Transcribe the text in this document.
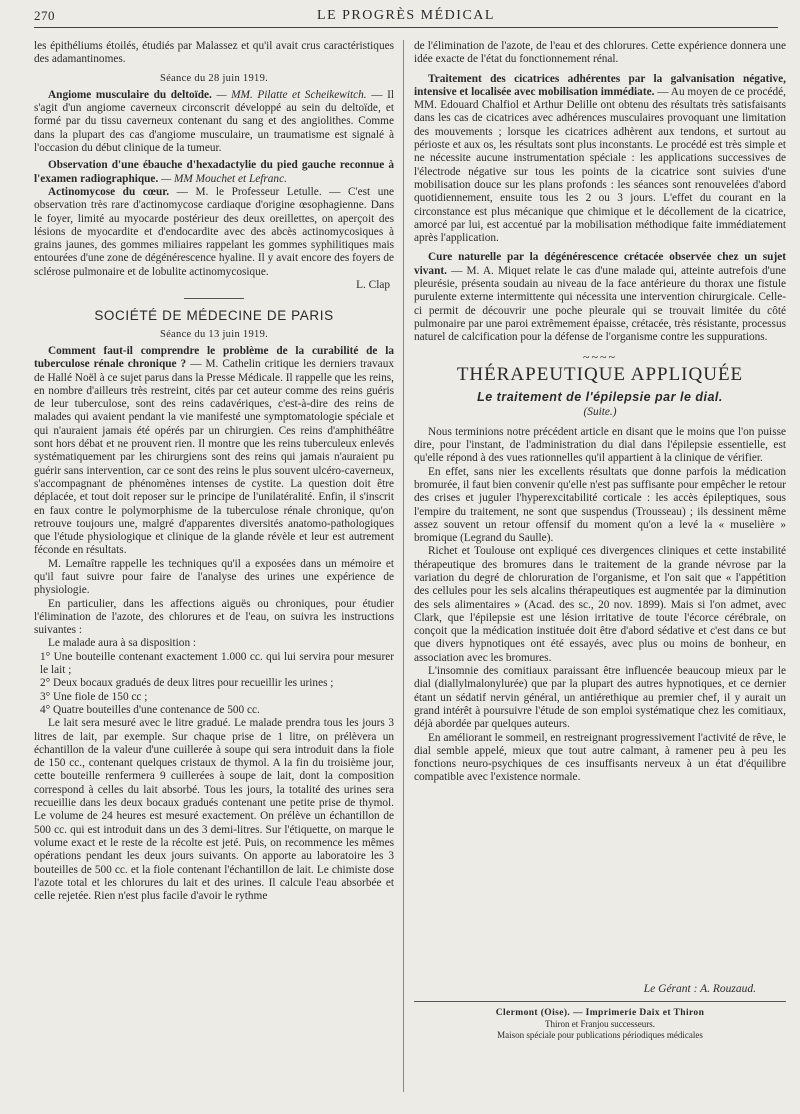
270	LE PROGRÈS MÉDICAL

les épithéliums étoilés, étudiés par Malassez et qu'il avait crus caractéristiques des adamantinomes.

Séance du 28 juin 1919.

Angiome musculaire du deltoïde. — MM. Pilatte et Scheikewitch. — Il s'agit d'un angiome caverneux circonscrit développé au sein du deltoïde, et formé par du tissu caverneux contenant du sang et des angiolithes. Comme dans la plupart des cas d'angiome musculaire, un traumatisme est signalé à l'occasion du début clinique de la tumeur.

Observation d'une ébauche d'hexadactylie du pied gauche reconnue à l'examen radiographique. — MM Mouchet et Lefranc.

Actinomycose du cœur. — M. le Professeur Letulle. — C'est une observation très rare d'actinomycose cardiaque d'origine œsophagienne. Dans le foyer, limité au myocarde postérieur des deux oreillettes, on aperçoit des lésions de myocardite et d'endocardite avec des abcès actinomycosiques à grains jaunes, des gommes miliaires rappelant les gommes syphilitiques mais entourées d'une zone de dégénérescence hyaline. Il y avait encore des foyers de sclérose pulmonaire et de lobulite actinomycosique.

L. Clap

SOCIÉTÉ DE MÉDECINE DE PARIS
Séance du 13 juin 1919.

Comment faut-il comprendre le problème de la curabilité de la tuberculose rénale chronique ? — M. Cathelin critique les derniers travaux de Hallé Noël à ce sujet parus dans la Presse Médicale. Il rappelle que les reins, en nombre d'ailleurs très restreint, cités par cet auteur comme des reins guéris de leur tuberculose, sont des reins cadavériques, c'est-à-dire des reins de malades qui avaient pendant la vie manifesté une symptomatologie spéciale et qui n'auraient jamais été opérés par un chirurgien. Ces reins d'amphithéâtre sont hors débat et ne prouvent rien. Il montre que les reins tuberculeux enlevés systématiquement par les chirurgiens sont des reins qui jamais n'auraient pu guérir sans intervention, car ce sont des reins le plus souvent ulcéro-caverneux, s'accompagnant de phénomènes intenses de cystite. La question doit être déplacée, et tout doit reposer sur le principe de l'unilatéralité. Enfin, il s'inscrit en faux contre le polymorphisme de la tuberculose rénale chronique, qu'on retrouve toujours une, malgré d'apparentes diversités anatomo-pathologiques que l'étude physiologique et clinique de la glande révèle et leur est autrement féconde en résultats.

M. Lemaître rappelle les techniques qu'il a exposées dans un mémoire et qu'il faut suivre pour faire de l'analyse des urines une expérience de physiologie.

En particulier, dans les affections aiguës ou chroniques, pour étudier l'élimination de l'azote, des chlorures et de l'eau, on suivra les instructions suivantes :

Le malade aura à sa disposition :

1° Une bouteille contenant exactement 1.000 cc. qui lui servira pour mesurer le lait ;

2° Deux bocaux gradués de deux litres pour recueillir les urines ;

3° Une fiole de 150 cc ;

4° Quatre bouteilles d'une contenance de 500 cc.

Le lait sera mesuré avec le litre gradué. Le malade prendra tous les jours 3 litres de lait, par exemple. Sur chaque prise de 1 litre, on prélèvera un échantillon de la valeur d'une cuillerée à soupe qui sera introduit dans la fiole de 150 cc., contenant quelques cristaux de thymol. A la fin du troisième jour, cette bouteille renfermera 9 cuillerées à soupe de lait, dont la composition correspond à celles du lait absorbé. Tous les jours, la totalité des urines sera recueillie dans les deux bocaux gradués contenant une petite prise de thymol. Le volume de 24 heures est mesuré exactement. On prélève un échantillon de 500 cc. qui est introduit dans un des 3 demi-litres. Sur l'étiquette, on marque le volume exact et le reste de la récolte est jeté. Puis, on recommence les mêmes opérations pendant les deux jours suivants. On apporte au laboratoire les 3 bouteilles de 500 cc. et la fiole contenant l'échantillon de lait. Le chimiste dose l'azote total et les chlorures du lait et des urines. Il calcule l'eau absorbée et celle rejetée. Rien n'est plus facile d'avoir le rythme

de l'élimination de l'azote, de l'eau et des chlorures. Cette expérience donnera une idée exacte de l'état du fonctionnement rénal.

Traitement des cicatrices adhérentes par la galvanisation négative, intensive et localisée avec mobilisation immédiate. — Au moyen de ce procédé, MM. Edouard Chalfiol et Arthur Delille ont obtenu des résultats très satisfaisants dans les cas de cicatrices avec adhérences musculaires provoquant une limitation des mouvements ; lorsque les cicatrices adhèrent aux tendons, et surtout au périoste et aux os, les résultats sont plus inconstants. Le procédé est très simple et ne nécessite aucune instrumentation spéciale : les applications successives de l'électrode négative sur tous les points de la cicatrice sont suivies d'une mobilisation douce sur les plans profonds : les séances sont renouvelées d'abord quotidiennement, ensuite tous les 2 ou 3 jours. L'effet du courant en la circonstance est plus mécanique que chimique et le décollement de la cicatrice, amorcé par lui, est accentué par la mobilisation méthodique faite immédiatement après l'application.

Cure naturelle par la dégénérescence crétacée observée chez un sujet vivant. — M. A. Miquet relate le cas d'une malade qui, atteinte autrefois d'une pleurésie, présenta soudain au niveau de la face antérieure du thorax une fistule purulente externe intermittente qui nécessita une intervention chirurgicale. Celle-ci permit de découvrir une poche pleurale qui se trouvait limitée du côté pulmonaire par une paroi extrêmement épaisse, crétacée, très résistante, processus naturel de calcification pour la défense de l'organisme contre les suppurations.

~~~~
THÉRAPEUTIQUE APPLIQUÉE
Le traitement de l'épilepsie par le dial.
(Suite.)

Nous terminions notre précédent article en disant que le moins que l'on puisse dire, pour l'instant, de l'administration du dial dans l'épilepsie essentielle, est qu'elle répond à des vues rationnelles qu'il appartient à la clinique de vérifier.

En effet, sans nier les excellents résultats que donne parfois la médication bromurée, il faut bien convenir qu'elle n'est pas suffisante pour empêcher le retour des crises et juguler l'hyperexcitabilité corticale : les accès épileptiques, sous l'empire du traitement, ne sont que suspendus (Trousseau) ; ils dessinent même assez souvent un retour offensif du moment qu'on a levé la « muselière » bromique (Legrand du Saulle).

Richet et Toulouse ont expliqué ces divergences cliniques et cette instabilité thérapeutique des bromures dans le traitement de la grande névrose par la variation du degré de chloruration de l'organisme, et l'on sait que « l'appétition des cellules pour les sels alcalins thérapeutiques est augmentée par la diminution des sels alimentaires » (Acad. des sc., 20 nov. 1899). Mais si l'on admet, avec Clark, que l'épilepsie est une lésion irritative de toute l'écorce cérébrale, on conçoit que la médication instituée doit être d'abord sédative et c'est dans ce but que divers hypnotiques ont été essayés, avec plus ou moins de bonheur, en association avec les bromures.

L'insomnie des comitiaux paraissant être influencée beaucoup mieux par le dial (diallylmalonylurée) que par la plupart des autres hypnotiques, et ce dernier étant un sédatif nervin général, un antiérethique au premier chef, il y aurait un grand intérêt à poursuivre l'étude de son emploi systématique chez les comitiaux, déjà abordée par quelques auteurs.

En améliorant le sommeil, en restreignant progressivement l'activité de rêve, le dial semble appelé, mieux que tout autre calmant, à ramener peu à peu les fonctions neuro-psychiques de ces insuffisants nerveux à un état d'équilibre compatible avec l'existence normale.

Le Gérant : A. Rouzaud.
Clermont (Oise). — Imprimerie Daix et Thiron
Thiron et Franjou successeurs.
Maison spéciale pour publications périodiques médicales
